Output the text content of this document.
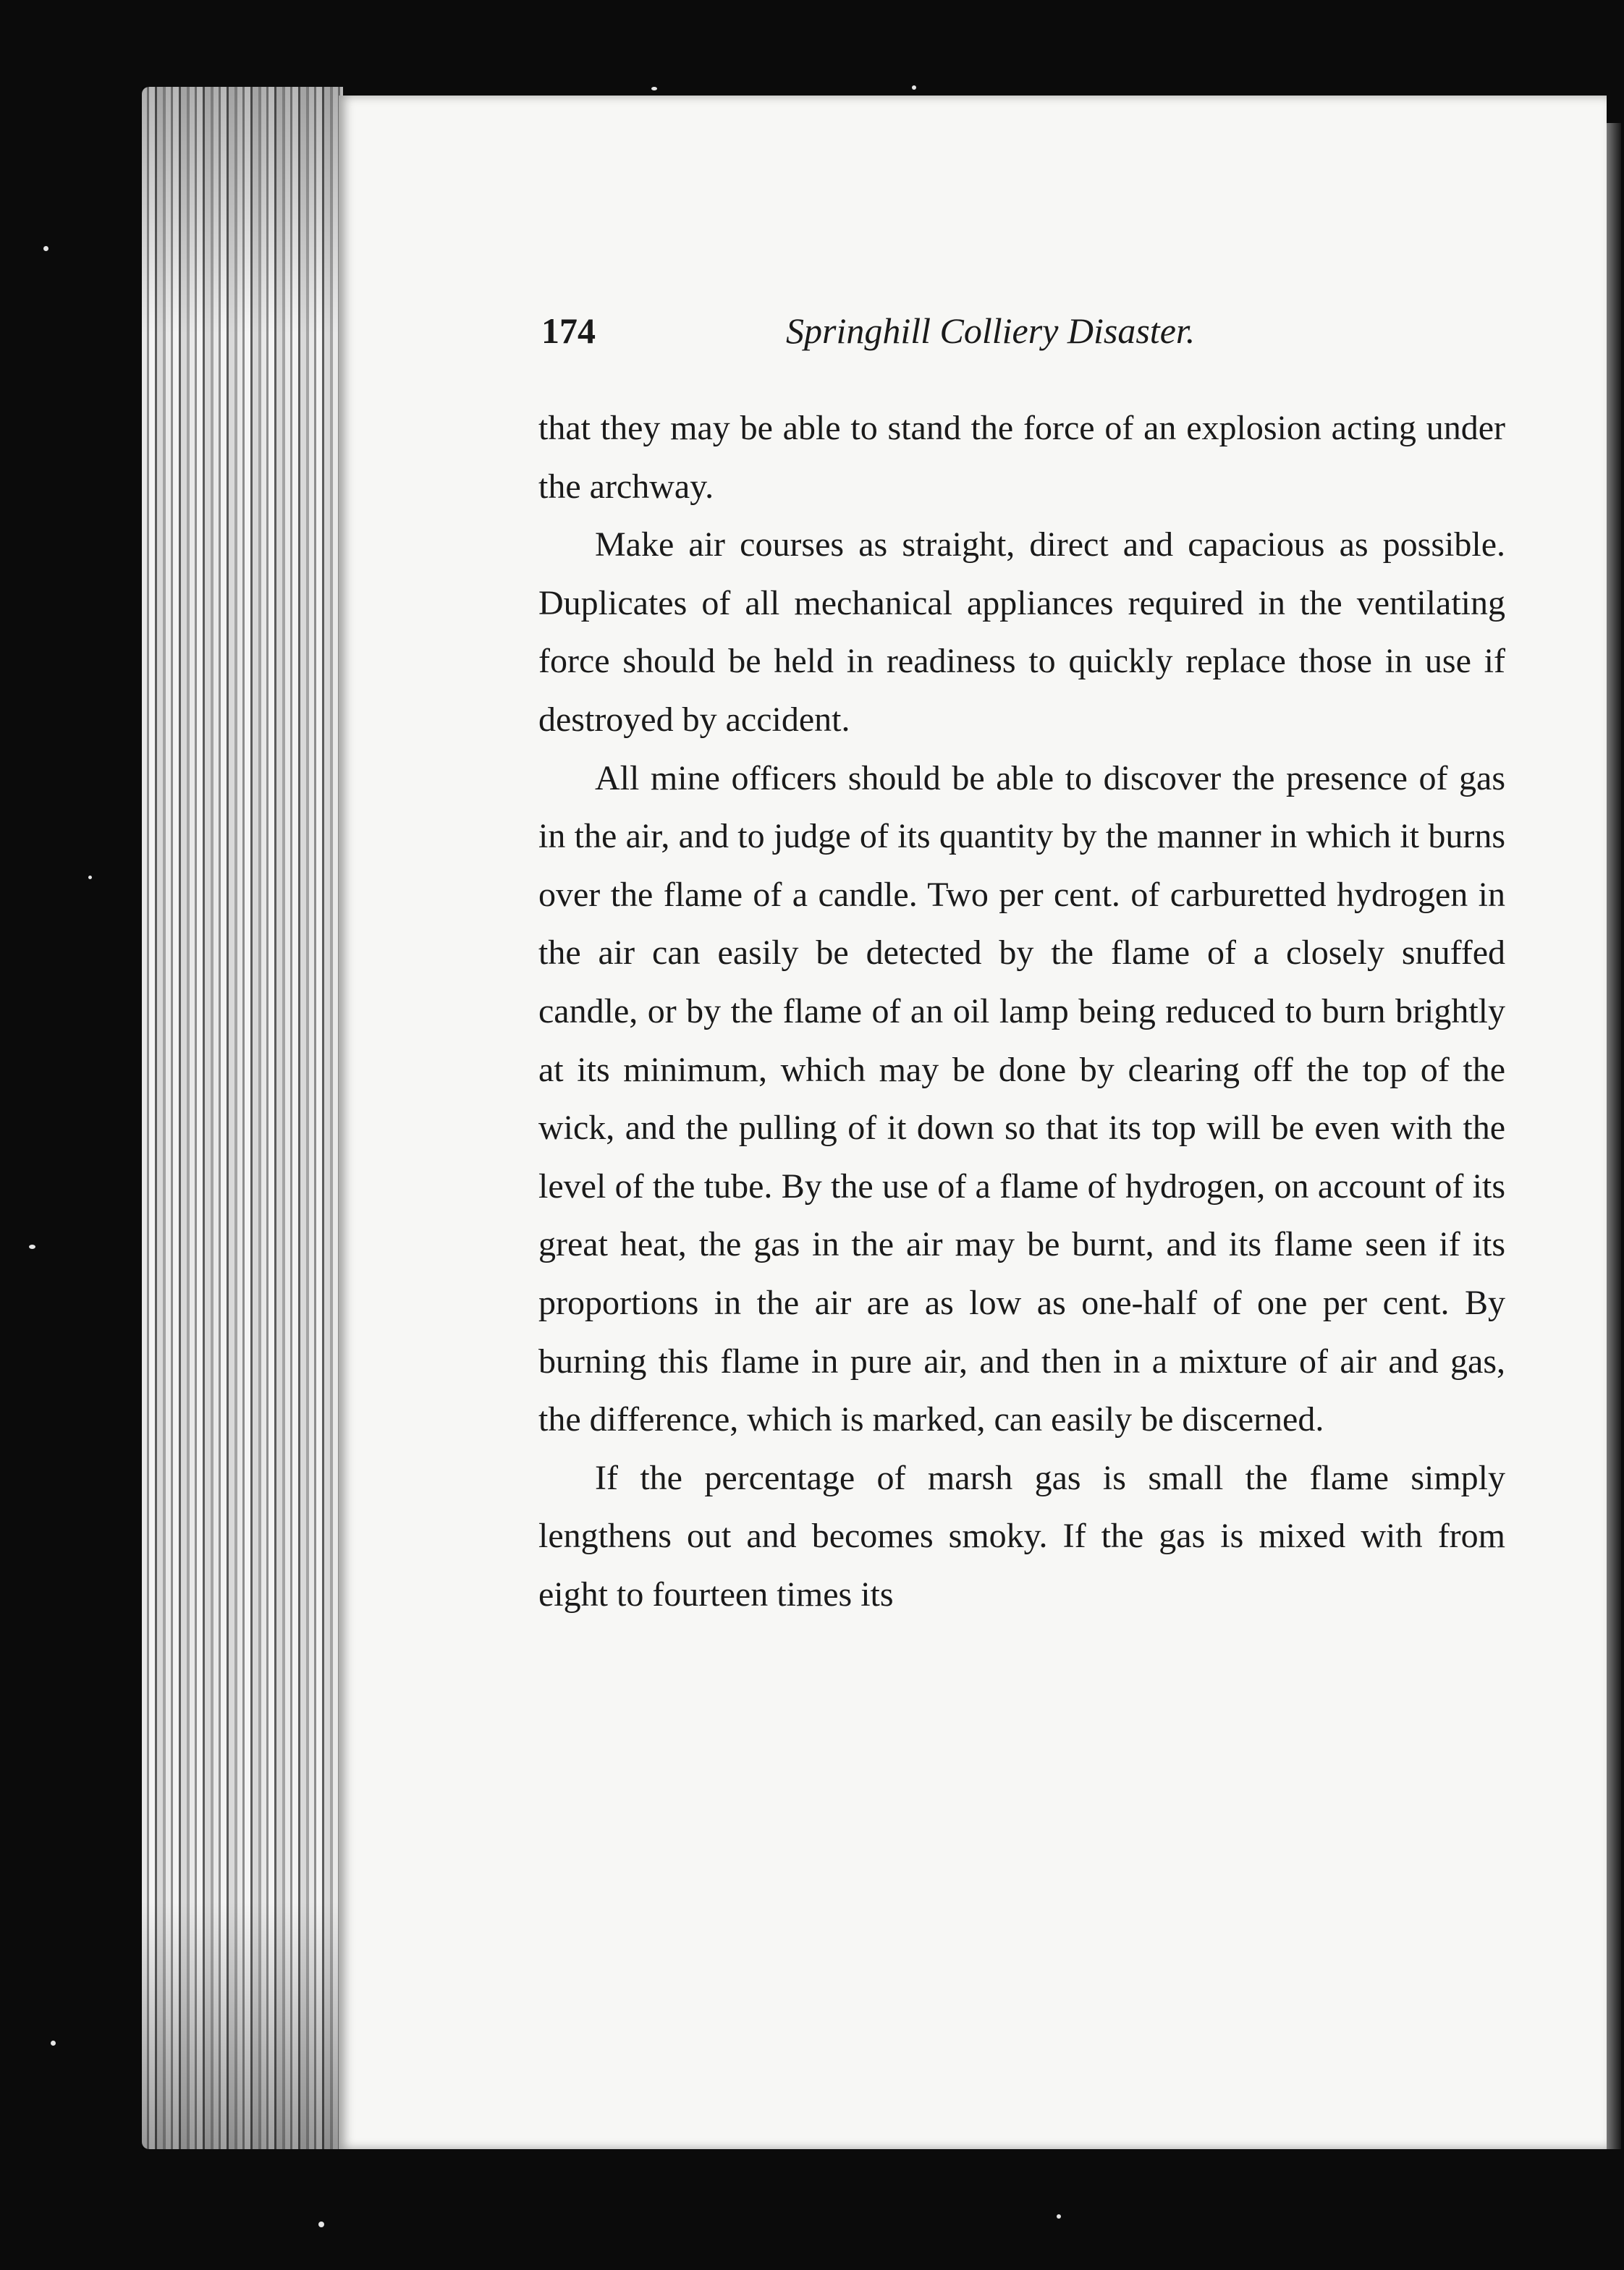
174	Springhill Colliery Disaster.

that they may be able to stand the force of an explosion acting under the archway.

Make air courses as straight, direct and capacious as possible. Duplicates of all mechanical appliances required in the ventilating force should be held in readiness to quickly replace those in use if destroyed by accident.

All mine officers should be able to discover the presence of gas in the air, and to judge of its quantity by the manner in which it burns over the flame of a candle. Two per cent. of carburetted hydrogen in the air can easily be detected by the flame of a closely snuffed candle, or by the flame of an oil lamp being reduced to burn brightly at its minimum, which may be done by clearing off the top of the wick, and the pulling of it down so that its top will be even with the level of the tube. By the use of a flame of hydrogen, on account of its great heat, the gas in the air may be burnt, and its flame seen if its proportions in the air are as low as one-half of one per cent. By burning this flame in pure air, and then in a mixture of air and gas, the difference, which is marked, can easily be discerned.

If the percentage of marsh gas is small the flame simply lengthens out and becomes smoky. If the gas is mixed with from eight to fourteen times its
